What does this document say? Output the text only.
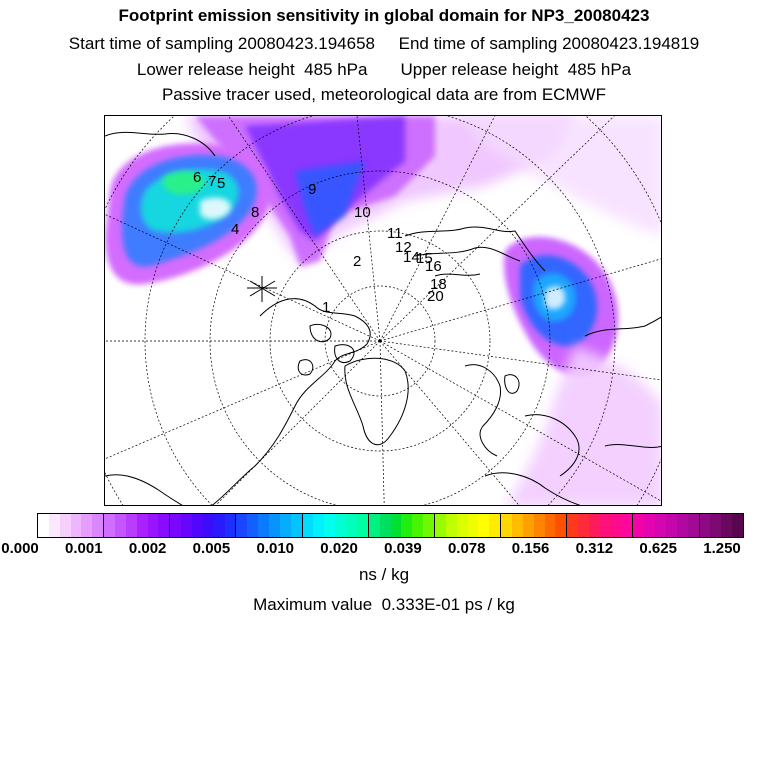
Footprint emission sensitivity in global domain for NP3_20080423
Start time of sampling 20080423.194658     End time of sampling 20080423.194819
Lower release height  485 hPa       Upper release height  485 hPa
Passive tracer used, meteorological data are from ECMWF
1
2
4
5
6 7
8
9
10
11
12
14
15
16
18
20
0.000 0.001 0.002 0.005 0.010 0.020 0.039 0.078 0.156 0.312 0.625 1.250
ns / kg
Maximum value  0.333E-01 ps / kg
